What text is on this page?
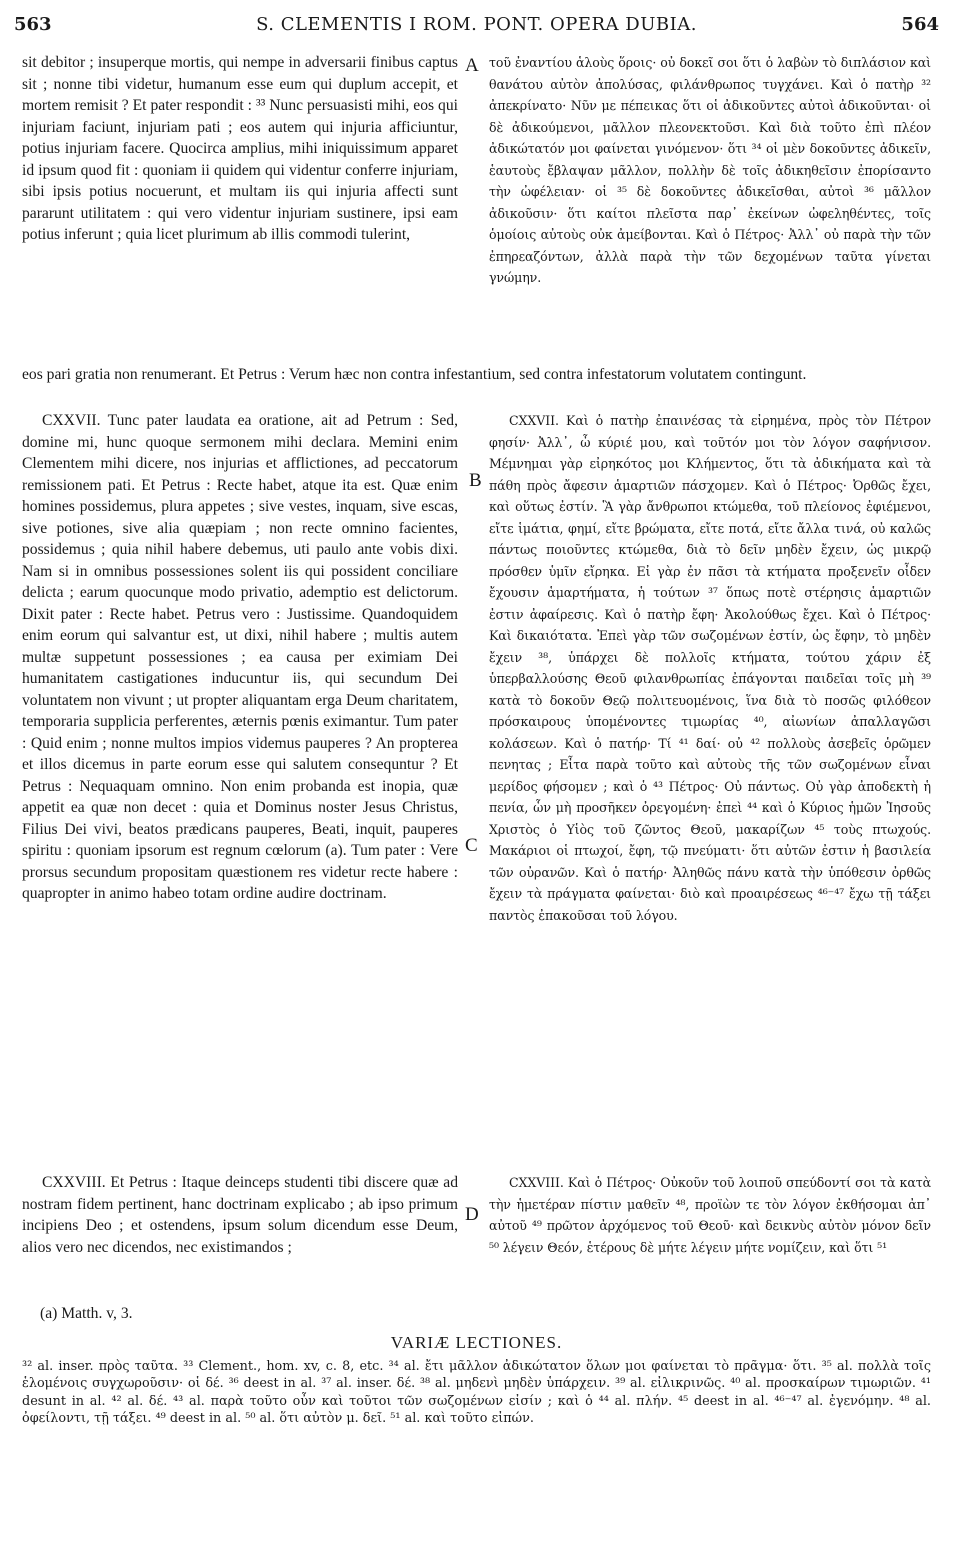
563	S. CLEMENTIS I ROM. PONT. OPERA DUBIA.	564

sit debitor ; insuperque mortis, qui nempe in adversarii finibus captus sit ; nonne tibi videtur, humanum esse eum qui duplum accepit, et mortem remisit ? Et pater respondit : ³³ Nunc persuasisti mihi, eos qui injuriam faciunt, injuriam pati ; eos autem qui injuria afficiuntur, potius injuriam facere. Quocirca amplius, mihi iniquissimum apparet id ipsum quod fit : quoniam ii quidem qui videntur conferre injuriam, sibi ipsis potius nocuerunt, et multam iis qui injuria affecti sunt pararunt utilitatem : qui vero videntur injuriam sustinere, ipsi eam potius inferunt ; quia licet plurimum ab illis commodi tulerint,

τοῦ ἐναντίου ἁλοὺς ὅροις· οὐ δοκεῖ σοι ὅτι ὁ λαβὼν τὸ διπλάσιον καὶ θανάτου αὐτὸν ἀπολύσας, φιλάνθρωπος τυγχάνει. Καὶ ὁ πατὴρ ³² ἀπεκρίνατο· Νῦν με πέπεικας ὅτι οἱ ἀδικοῦντες αὐτοὶ ἀδικοῦνται· οἱ δὲ ἀδικούμενοι, μᾶλλον πλεονεκτοῦσι. Καὶ διὰ τοῦτο ἐπὶ πλέον ἀδικώτατόν μοι φαίνεται γινόμενον· ὅτι ³⁴ οἱ μὲν δοκοῦντες ἀδικεῖν, ἑαυτοὺς ἔβλαψαν μᾶλλον, πολλὴν δὲ τοῖς ἀδικηθεῖσιν ἐπορίσαντο τὴν ὠφέλειαν· οἱ ³⁵ δὲ δοκοῦντες ἀδικεῖσθαι, αὐτοὶ ³⁶ μᾶλλον ἀδικοῦσιν· ὅτι καίτοι πλεῖστα παρ᾽ ἐκείνων ὠφεληθέντες, τοῖς ὁμοίοις αὐτοὺς οὐκ ἀμείβονται. Καὶ ὁ Πέτρος· Ἀλλ᾽ οὐ παρὰ τὴν τῶν ἐπηρεαζόντων, ἀλλὰ παρὰ τὴν τῶν δεχομένων ταῦτα γίνεται γνώμην.

A
eos pari gratia non renumerant. Et Petrus : Verum hæc non contra infestantium, sed contra infestatorum volutatem contingunt.

CXXVII. Tunc pater laudata ea oratione, ait ad Petrum : Sed, domine mi, hunc quoque sermonem mihi declara. Memini enim Clementem mihi dicere, nos injurias et afflictiones, ad peccatorum remissionem pati. Et Petrus : Recte habet, atque ita est. Quæ enim homines possidemus, plura appetes ; sive vestes, inquam, sive escas, sive potiones, sive alia quæpiam ; non recte omnino facientes, possidemus ; quia nihil habere debemus, uti paulo ante vobis dixi. Nam si in omnibus possessiones solent iis qui possident conciliare delicta ; earum quocunque modo privatio, ademptio est delictorum. Dixit pater : Recte habet. Petrus vero : Justissime. Quandoquidem enim eorum qui salvantur est, ut dixi, nihil habere ; multis autem multæ suppetunt possessiones ; ea causa per eximiam Dei humanitatem castigationes inducuntur iis, qui secundum Dei voluntatem non vivunt ; ut propter aliquantam erga Deum charitatem, temporaria supplicia perferentes, æternis pœnis eximantur. Tum pater : Quid enim ; nonne multos impios videmus pauperes ? An propterea et illos dicemus in parte eorum esse qui salutem consequntur ? Et Petrus : Nequaquam omnino. Non enim probanda est inopia, quæ appetit ea quæ non decet : quia et Dominus noster Jesus Christus, Filius Dei vivi, beatos prædicans pauperes, Beati, inquit, pauperes spiritu : quoniam ipsorum est regnum cœlorum (a). Tum pater : Vere prorsus secundum propositam quæstionem res videtur recte habere : quapropter in animo habeo totam ordine audire doctrinam.

CXXVII. Καὶ ὁ πατὴρ ἐπαινέσας τὰ εἰρημένα, πρὸς τὸν Πέτρον φησίν· Ἀλλ᾽, ὦ κύριέ μου, καὶ τοῦτόν μοι τὸν λόγον σαφήνισον. Μέμνημαι γὰρ εἰρηκότος μοι Κλήμεντος, ὅτι τὰ ἀδικήματα καὶ τὰ πάθη πρὸς ἄφεσιν ἁμαρτιῶν πάσχομεν. Καὶ ὁ Πέτρος· Ὀρθῶς ἔχει, καὶ οὕτως ἐστίν. Ἃ γὰρ ἄνθρωποι κτώμεθα, τοῦ πλείονος ἐφιέμενοι, εἴτε ἱμάτια, φημί, εἴτε βρώματα, εἴτε ποτά, εἴτε ἄλλα τινά, οὐ καλῶς πάντως ποιοῦντες κτώμεθα, διὰ τὸ δεῖν μηδὲν ἔχειν, ὡς μικρῷ πρόσθεν ὑμῖν εἴρηκα. Εἰ γὰρ ἐν πᾶσι τὰ κτήματα προξενεῖν οἶδεν ἔχουσιν ἁμαρτήματα, ἡ τούτων ³⁷ ὅπως ποτὲ στέρησις ἁμαρτιῶν ἐστιν ἀφαίρεσις. Καὶ ὁ πατὴρ ἔφη· Ἀκολούθως ἔχει. Καὶ ὁ Πέτρος· Καὶ δικαιότατα. Ἐπεὶ γὰρ τῶν σωζομένων ἐστίν, ὡς ἔφην, τὸ μηδὲν ἔχειν ³⁸, ὑπάρχει δὲ πολλοῖς κτήματα, τούτου χάριν ἐξ ὑπερβαλλούσης Θεοῦ φιλανθρωπίας ἐπάγονται παιδεῖαι τοῖς μὴ ³⁹ κατὰ τὸ δοκοῦν Θεῷ πολιτευομένοις, ἵνα διὰ τὸ ποσῶς φιλόθεον πρόσκαιρους ὑπομένοντες τιμωρίας ⁴⁰, αἰωνίων ἀπαλλαγῶσι κολάσεων. Καὶ ὁ πατήρ· Τί ⁴¹ δαί· οὐ ⁴² πολλοὺς ἀσεβεῖς ὁρῶμεν πενητας ; Εἶτα παρὰ τοῦτο καὶ αὐτοὺς τῆς τῶν σωζομένων εἶναι μερίδος φήσομεν ; καὶ ὁ ⁴³ Πέτρος· Οὐ πάντως. Οὐ γὰρ ἀποδεκτὴ ἡ πενία, ὧν μὴ προσῆκεν ὀρεγομένη· ἐπεὶ ⁴⁴ καὶ ὁ Κύριος ἡμῶν Ἰησοῦς Χριστὸς ὁ Υἱὸς τοῦ ζῶντος Θεοῦ, μακαρίζων ⁴⁵ τοὺς πτωχούς. Μακάριοι οἱ πτωχοί, ἔφη, τῷ πνεύματι· ὅτι αὐτῶν ἐστιν ἡ βασιλεία τῶν οὐρανῶν. Καὶ ὁ πατήρ· Ἀληθῶς πάνυ κατὰ τὴν ὑπόθεσιν ὀρθῶς ἔχειν τὰ πράγματα φαίνεται· διὸ καὶ προαιρέσεως ⁴⁶⁻⁴⁷ ἔχω τῇ τάξει παντὸς ἐπακοῦσαι τοῦ λόγου.

B
C

CXXVIII. Et Petrus : Itaque deinceps studenti tibi discere quæ ad nostram fidem pertinent, hanc doctrinam explicabo ; ab ipso primum incipiens Deo ; et ostendens, ipsum solum dicendum esse Deum, alios vero nec dicendos, nec existimandos ;

CXXVIII. Καὶ ὁ Πέτρος· Οὐκοῦν τοῦ λοιποῦ σπεύδοντί σοι τὰ κατὰ τὴν ἡμετέραν πίστιν μαθεῖν ⁴⁸, προϊὼν τε τὸν λόγον ἐκθήσομαι ἀπ᾽ αὐτοῦ ⁴⁹ πρῶτον ἀρχόμενος τοῦ Θεοῦ· καὶ δεικνὺς αὐτὸν μόνον δεῖν ⁵⁰ λέγειν Θεόν, ἑτέρους δὲ μήτε λέγειν μήτε νομίζειν, καὶ ὅτι ⁵¹

D
(a) Matth. v, 3.
VARIÆ LECTIONES.
³² al. inser. πρὸς ταῦτα. ³³ Clement., hom. xv, c. 8, etc. ³⁴ al. ἔτι μᾶλλον ἀδικώτατον ὅλων μοι φαίνεται τὸ πρᾶγμα· ὅτι. ³⁵ al. πολλὰ τοῖς ἑλομένοις συγχωροῦσιν· οἱ δέ. ³⁶ deest in al. ³⁷ al. inser. δέ. ³⁸ al. μηδενὶ μηδὲν ὑπάρχειν. ³⁹ al. εἰλικρινῶς. ⁴⁰ al. προσκαίρων τιμωριῶν. ⁴¹ desunt in al. ⁴² al. δέ. ⁴³ al. παρὰ τοῦτο οὖν καὶ τοῦτοι τῶν σωζομένων εἰσίν ; καὶ ὁ ⁴⁴ al. πλήν. ⁴⁵ deest in al. ⁴⁶⁻⁴⁷ al. ἐγενόμην. ⁴⁸ al. ὀφείλοντι, τῇ τάξει. ⁴⁹ deest in al. ⁵⁰ al. ὅτι αὐτὸν μ. δεῖ. ⁵¹ al. καὶ τοῦτο εἰπών.
